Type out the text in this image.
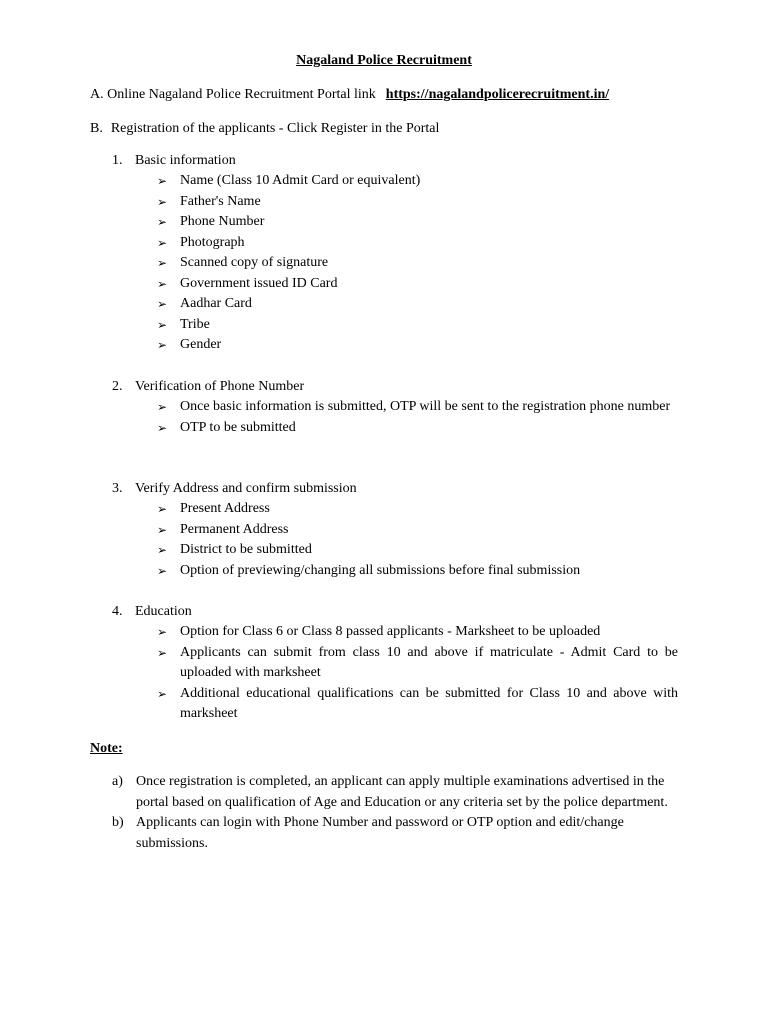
Nagaland Police Recruitment
A. Online Nagaland Police Recruitment Portal link https://nagalandpolicerecruitment.in/
B. Registration of the applicants - Click Register in the Portal
1. Basic information
➢ Name (Class 10 Admit Card or equivalent)
➢ Father's Name
➢ Phone Number
➢ Photograph
➢ Scanned copy of signature
➢ Government issued ID Card
➢ Aadhar Card
➢ Tribe
➢ Gender
2. Verification of Phone Number
➢ Once basic information is submitted, OTP will be sent to the registration phone number
➢ OTP to be submitted
3. Verify Address and confirm submission
➢ Present Address
➢ Permanent Address
➢ District to be submitted
➢ Option of previewing/changing all submissions before final submission
4. Education
➢ Option for Class 6 or Class 8 passed applicants - Marksheet to be uploaded
➢ Applicants can submit from class 10 and above if matriculate - Admit Card to be uploaded with marksheet
➢ Additional educational qualifications can be submitted for Class 10 and above with marksheet
Note:
a) Once registration is completed, an applicant can apply multiple examinations advertised in the portal based on qualification of Age and Education or any criteria set by the police department.
b) Applicants can login with Phone Number and password or OTP option and edit/change submissions.
